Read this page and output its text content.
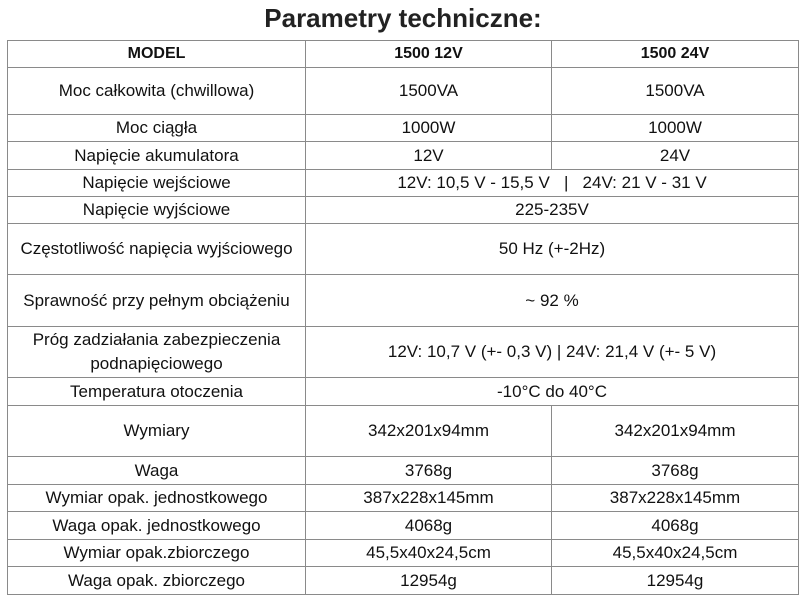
Parametry techniczne:
MODEL	1500 12V	1500 24V
Moc całkowita (chwillowa)	1500VA	1500VA
Moc ciągła	1000W	1000W
Napięcie akumulatora	12V	24V
Napięcie wejściowe	12V: 10,5 V - 15,5 V   |   24V: 21 V - 31 V	
Napięcie wyjściowe	225-235V	
Częstotliwość napięcia wyjściowego	50 Hz (+-2Hz)	
Sprawność przy pełnym obciążeniu	~ 92 %	
Próg zadziałania zabezpieczenia podnapięciowego	12V: 10,7 V (+- 0,3 V) | 24V: 21,4 V (+- 5 V)	
Temperatura otoczenia	-10°C do 40°C	
Wymiary	342x201x94mm	342x201x94mm
Waga	3768g	3768g
Wymiar opak. jednostkowego	387x228x145mm	387x228x145mm
Waga opak. jednostkowego	4068g	4068g
Wymiar opak.zbiorczego	45,5x40x24,5cm	45,5x40x24,5cm
Waga opak. zbiorczego	12954g	12954g
